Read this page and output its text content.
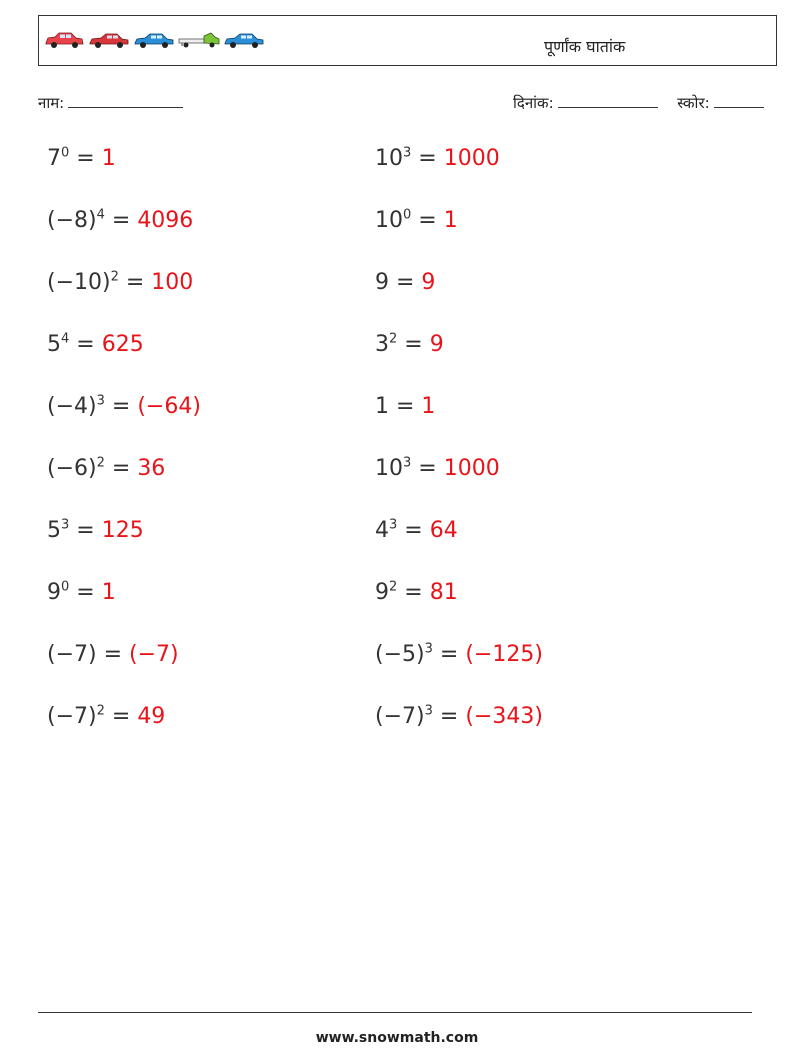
पूर्णांक घातांक
नाम:	दिनांक:	स्कोर:
$7^0 = 1$	$10^3 = 1000$
$(-8)^4 = 4096$	$10^0 = 1$
$(-10)^2 = 100$	9 = 9
$5^4 = 625$	$3^2 = 9$
$(-4)^3 = (-64)$	1 = 1
$(-6)^2 = 36$	$10^3 = 1000$
$5^3 = 125$	$4^3 = 64$
$9^0 = 1$	$9^2 = 81$
(−7) = (−7)	$(-5)^3 = (-125)$
$(-7)^2 = 49$	$(-7)^3 = (-343)$
www.snowmath.com
